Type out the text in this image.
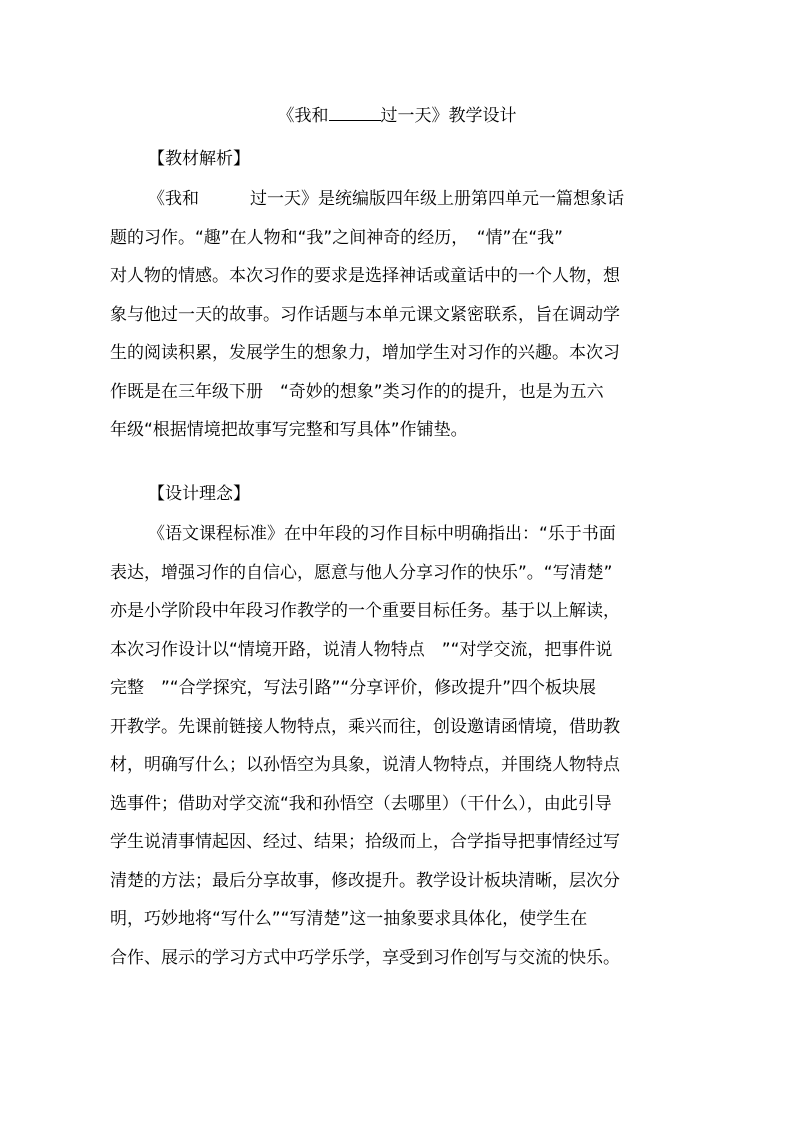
《我和	过一天》教学设计
【教材解析】
《我和　　　过一天》是统编版四年级上册第四单元一篇想象话
题的习作。“趣”在人物和“我”之间神奇的经历，　“情”在“我”
对人物的情感。本次习作的要求是选择神话或童话中的一个人物，想
象与他过一天的故事。习作话题与本单元课文紧密联系，旨在调动学
生的阅读积累，发展学生的想象力，增加学生对习作的兴趣。本次习
作既是在三年级下册　“奇妙的想象”类习作的的提升，也是为五六
年级“根据情境把故事写完整和写具体”作铺垫。
【设计理念】
《语文课程标准》在中年段的习作目标中明确指出：“乐于书面
表达，增强习作的自信心，愿意与他人分享习作的快乐”。“写清楚”
亦是小学阶段中年段习作教学的一个重要目标任务。基于以上解读，
本次习作设计以“情境开路，说清人物特点　”“对学交流，把事件说
完整　”“合学探究，写法引路”“分享评价，修改提升”四个板块展
开教学。先课前链接人物特点，乘兴而往，创设邀请函情境，借助教
材，明确写什么；以孙悟空为具象，说清人物特点，并围绕人物特点
选事件；借助对学交流“我和孙悟空（去哪里）（干什么），由此引导
学生说清事情起因、经过、结果；拾级而上，合学指导把事情经过写
清楚的方法；最后分享故事，修改提升。教学设计板块清晰，层次分
明，巧妙地将“写什么”“写清楚”这一抽象要求具体化，使学生在
合作、展示的学习方式中巧学乐学，享受到习作创写与交流的快乐。
